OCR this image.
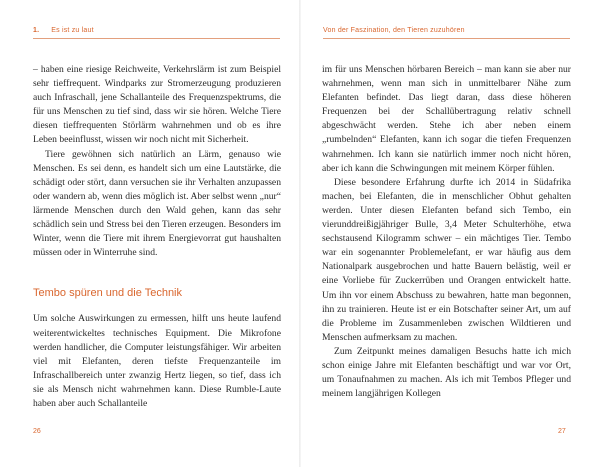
1. Es ist zu laut

– haben eine riesige Reichweite, Verkehrslärm ist zum Beispiel sehr tieffrequent. Windparks zur Stromerzeugung produzieren auch Infraschall, jene Schallanteile des Frequenzspektrums, die für uns Menschen zu tief sind, dass wir sie hören. Welche Tiere diesen tieffrequenten Störlärm wahrnehmen und ob es ihre Leben beeinflusst, wissen wir noch nicht mit Sicherheit.

Tiere gewöhnen sich natürlich an Lärm, genauso wie Menschen. Es sei denn, es handelt sich um eine Lautstärke, die schädigt oder stört, dann versuchen sie ihr Verhalten anzupassen oder wandern ab, wenn dies möglich ist. Aber selbst wenn „nur“ lärmende Menschen durch den Wald gehen, kann das sehr schädlich sein und Stress bei den Tieren erzeugen. Besonders im Winter, wenn die Tiere mit ihrem Energievorrat gut haushalten müssen oder in Winterruhe sind.

Tembo spüren und die Technik

Um solche Auswirkungen zu ermessen, hilft uns heute laufend weiterentwickeltes technisches Equipment. Die Mikrofone werden handlicher, die Computer leistungsfähiger. Wir arbeiten viel mit Elefanten, deren tiefste Frequenzanteile im Infraschallbereich unter zwanzig Hertz liegen, so tief, dass ich sie als Mensch nicht wahrnehmen kann. Diese Rumble-Laute haben aber auch Schallanteile

26
Von der Faszination, den Tieren zuzuhören

im für uns Menschen hörbaren Bereich – man kann sie aber nur wahrnehmen, wenn man sich in unmittelbarer Nähe zum Elefanten befindet. Das liegt daran, dass diese höheren Frequenzen bei der Schallübertragung relativ schnell abgeschwächt werden. Stehe ich aber neben einem „rumbelnden“ Elefanten, kann ich sogar die tiefen Frequenzen wahrnehmen. Ich kann sie natürlich immer noch nicht hören, aber ich kann die Schwingungen mit meinem Körper fühlen.

Diese besondere Erfahrung durfte ich 2014 in Südafrika machen, bei Elefanten, die in menschlicher Obhut gehalten werden. Unter diesen Elefanten befand sich Tembo, ein vierunddreißigjähriger Bulle, 3,4 Meter Schulterhöhe, etwa sechstausend Kilogramm schwer – ein mächtiges Tier. Tembo war ein sogenannter Problemelefant, er war häufig aus dem Nationalpark ausgebrochen und hatte Bauern belästig, weil er eine Vorliebe für Zuckerrüben und Orangen entwickelt hatte. Um ihn vor einem Abschuss zu bewahren, hatte man begonnen, ihn zu trainieren. Heute ist er ein Botschafter seiner Art, um auf die Probleme im Zusammenleben zwischen Wildtieren und Menschen aufmerksam zu machen.

Zum Zeitpunkt meines damaligen Besuchs hatte ich mich schon einige Jahre mit Elefanten beschäftigt und war vor Ort, um Tonaufnahmen zu machen. Als ich mit Tembos Pfleger und meinem langjährigen Kollegen

27
